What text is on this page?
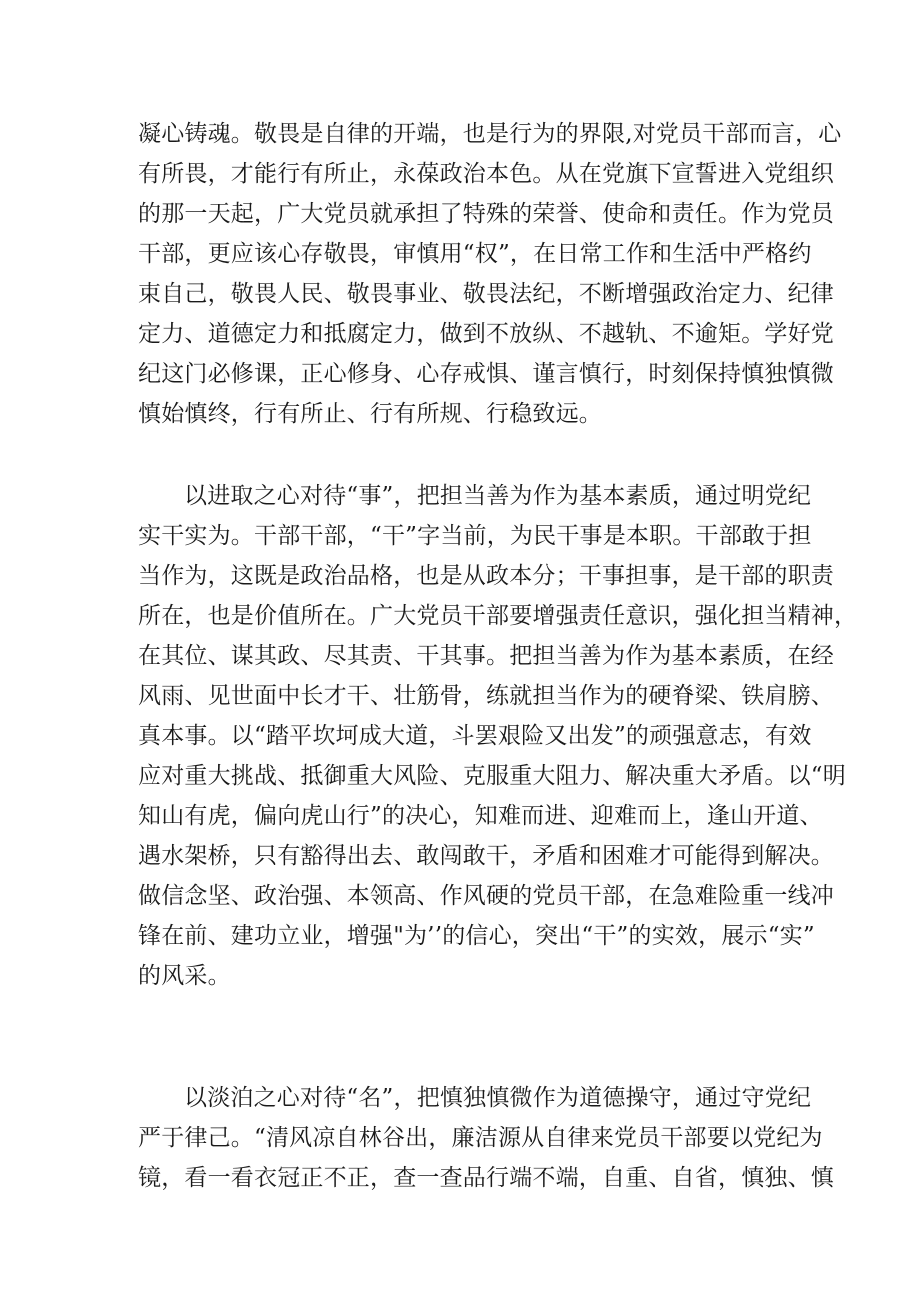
凝心铸魂。敬畏是自律的开端，也是行为的界限,对党员干部而言，心
有所畏，才能行有所止，永葆政治本色。从在党旗下宣誓进入党组织
的那一天起，广大党员就承担了特殊的荣誉、使命和责任。作为党员
干部，更应该心存敬畏，审慎用“权”，在日常工作和生活中严格约
束自己，敬畏人民、敬畏事业、敬畏法纪，不断增强政治定力、纪律
定力、道德定力和抵腐定力，做到不放纵、不越轨、不逾矩。学好党
纪这门必修课，正心修身、心存戒惧、谨言慎行，时刻保持慎独慎微
慎始慎终，行有所止、行有所规、行稳致远。
以进取之心对待“事”，把担当善为作为基本素质，通过明党纪
实干实为。干部干部，“干”字当前，为民干事是本职。干部敢于担
当作为，这既是政治品格，也是从政本分；干事担事，是干部的职责
所在，也是价值所在。广大党员干部要增强责任意识，强化担当精神，
在其位、谋其政、尽其责、干其事。把担当善为作为基本素质，在经
风雨、见世面中长才干、壮筋骨，练就担当作为的硬脊梁、铁肩膀、
真本事。以“踏平坎坷成大道，斗罢艰险又出发”的顽强意志，有效
应对重大挑战、抵御重大风险、克服重大阻力、解决重大矛盾。以“明
知山有虎，偏向虎山行”的决心，知难而进、迎难而上，逢山开道、
遇水架桥，只有豁得出去、敢闯敢干，矛盾和困难才可能得到解决。
做信念坚、政治强、本领高、作风硬的党员干部，在急难险重一线冲
锋在前、建功立业，增强"为’’的信心，突出“干”的实效，展示“实”
的风采。
以淡泊之心对待“名”，把慎独慎微作为道德操守，通过守党纪
严于律己。“清风凉自林谷出，廉洁源从自律来党员干部要以党纪为
镜，看一看衣冠正不正，查一查品行端不端，自重、自省，慎独、慎
